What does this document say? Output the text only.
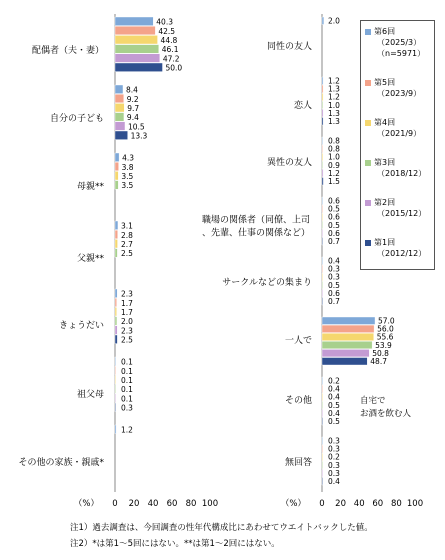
配偶者（夫・妻）
40.3
42.5
44.8
46.1
47.2
50.0
自分の子ども
8.4
9.2
9.7
9.4
10.5
13.3
母親**
4.3
3.8
3.5
3.5
父親**
3.1
2.8
2.7
2.5
きょうだい
2.3
1.7
1.7
2.0
2.3
2.5
祖父母
0.1
0.1
0.1
0.1
0.1
0.3
その他の家族・親戚*
1.2
0 20 40 60 80 100
（%）
同性の友人
2.0
恋人
1.2
1.3
1.2
1.0
1.3
1.3
異性の友人
0.8
0.8
1.0
0.9
1.2
1.5
職場の関係者（同僚、上司、先輩、仕事の関係など）
0.6
0.5
0.6
0.5
0.6
0.7
サークルなどの集まり
0.4
0.3
0.3
0.5
0.6
0.7
一人で
57.0
56.0
55.6
53.9
50.8
48.7
その他
0.2
0.4
0.4
0.5
0.4
0.5
無回答
0.3
0.3
0.2
0.3
0.3
0.4
0 20 40 60 80 100
（%）
第6回
（2025/3）
（n=5971）
第5回
（2023/9）
第4回
（2021/9）
第3回
（2018/12）
第2回
（2015/12）
第1回
（2012/12）
自宅で
お酒を飲む人
注1）過去調査は、今回調査の性年代構成比にあわせてウエイトバックした値。
注2）*は第1～5回にはない。**は第1～2回にはない。
